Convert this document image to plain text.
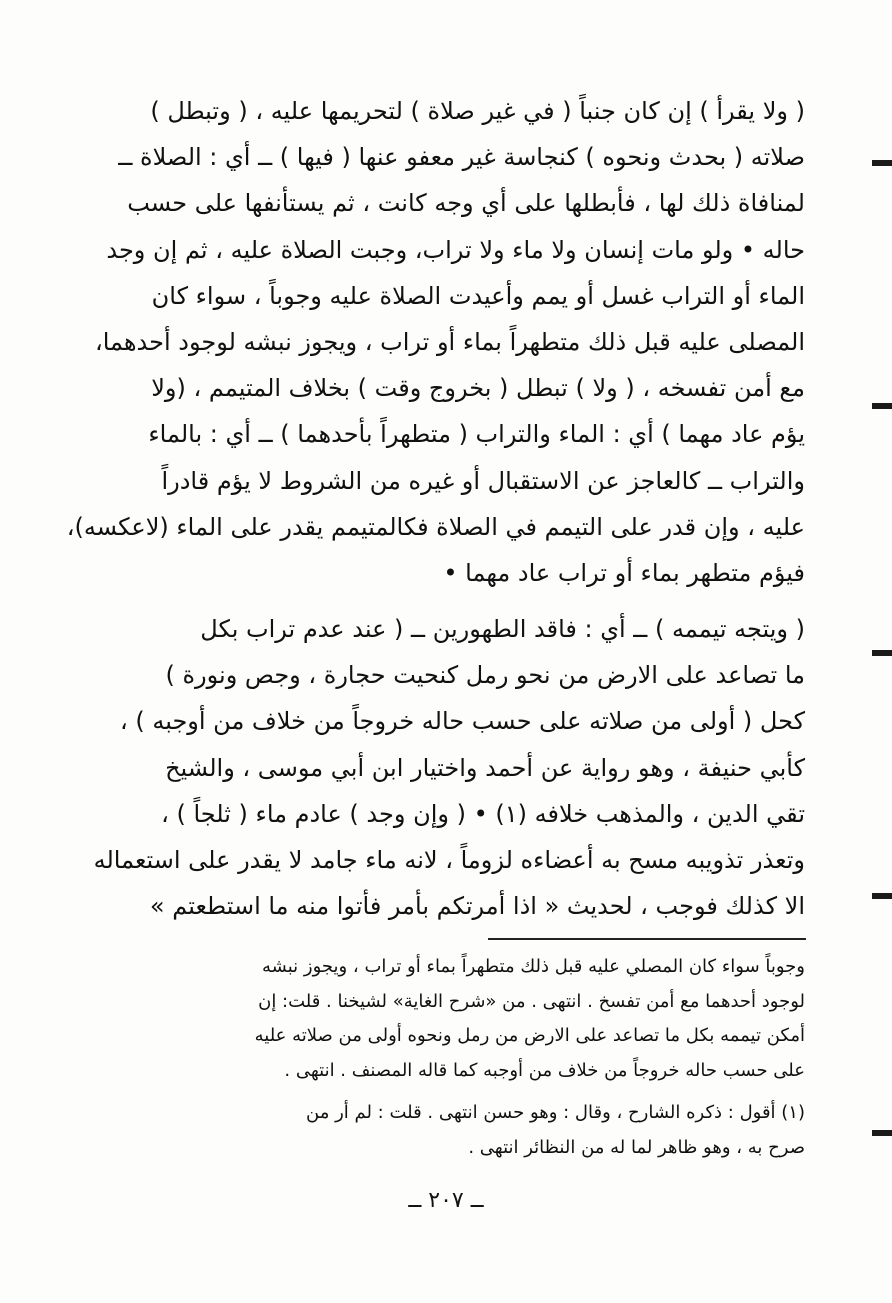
( ولا يقرأ ) إن كان جنباً ( في غير صلاة ) لتحريمها عليه ، ( وتبطل )
صلاته ( بحدث ونحوه ) كنجاسة غير معفو عنها ( فيها ) ــ أي : الصلاة ــ
لمنافاة ذلك لها ، فأبطلها على أي وجه كانت ، ثم يستأنفها على حسب
حاله • ولو مات إنسان ولا ماء ولا تراب، وجبت الصلاة عليه ، ثم إن وجد
الماء أو التراب غسل أو يمم وأعيدت الصلاة عليه وجوباً ، سواء كان
المصلى عليه قبل ذلك متطهراً بماء أو تراب ، ويجوز نبشه لوجود أحدهما،
مع أمن تفسخه ، ( ولا ) تبطل ( بخروج وقت ) بخلاف المتيمم ، (ولا
يؤم عاد مهما ) أي : الماء والتراب ( متطهراً بأحدهما ) ــ أي : بالماء
والتراب ــ كالعاجز عن الاستقبال أو غيره من الشروط لا يؤم قادراً
عليه ، وإن قدر على التيمم في الصلاة فكالمتيمم يقدر على الماء (لاعكسه)،
فيؤم متطهر بماء أو تراب عاد مهما •
( ويتجه تيممه ) ــ أي : فاقد الطهورين ــ ( عند عدم تراب بكل
ما تصاعد على الارض من نحو رمل كنحيت حجارة ، وجص ونورة )
كحل ( أولى من صلاته على حسب حاله خروجاً من خلاف من أوجبه ) ،
كأبي حنيفة ، وهو رواية عن أحمد واختيار ابن أبي موسى ، والشيخ
تقي الدين ، والمذهب خلافه (١) • ( وإن وجد ) عادم ماء ( ثلجاً ) ،
وتعذر تذويبه مسح به أعضاءه لزوماً ، لانه ماء جامد لا يقدر على استعماله
الا كذلك فوجب ، لحديث « اذا أمرتكم بأمر فأتوا منه ما استطعتم »
وجوباً سواء كان المصلي عليه قبل ذلك متطهراً بماء أو تراب ، ويجوز نبشه
لوجود أحدهما مع أمن تفسخ . انتهى . من «شرح الغاية» لشيخنا . قلت: إن
أمكن تيممه بكل ما تصاعد على الارض من رمل ونحوه أولى من صلاته عليه
على حسب حاله خروجاً من خلاف من أوجبه كما قاله المصنف . انتهى .
(١) أقول : ذكره الشارح ، وقال : وهو حسن انتهى . قلت : لم أر من
صرح به ، وهو ظاهر لما له من النظائر انتهى .
ــ ٢٠٧ ــ
